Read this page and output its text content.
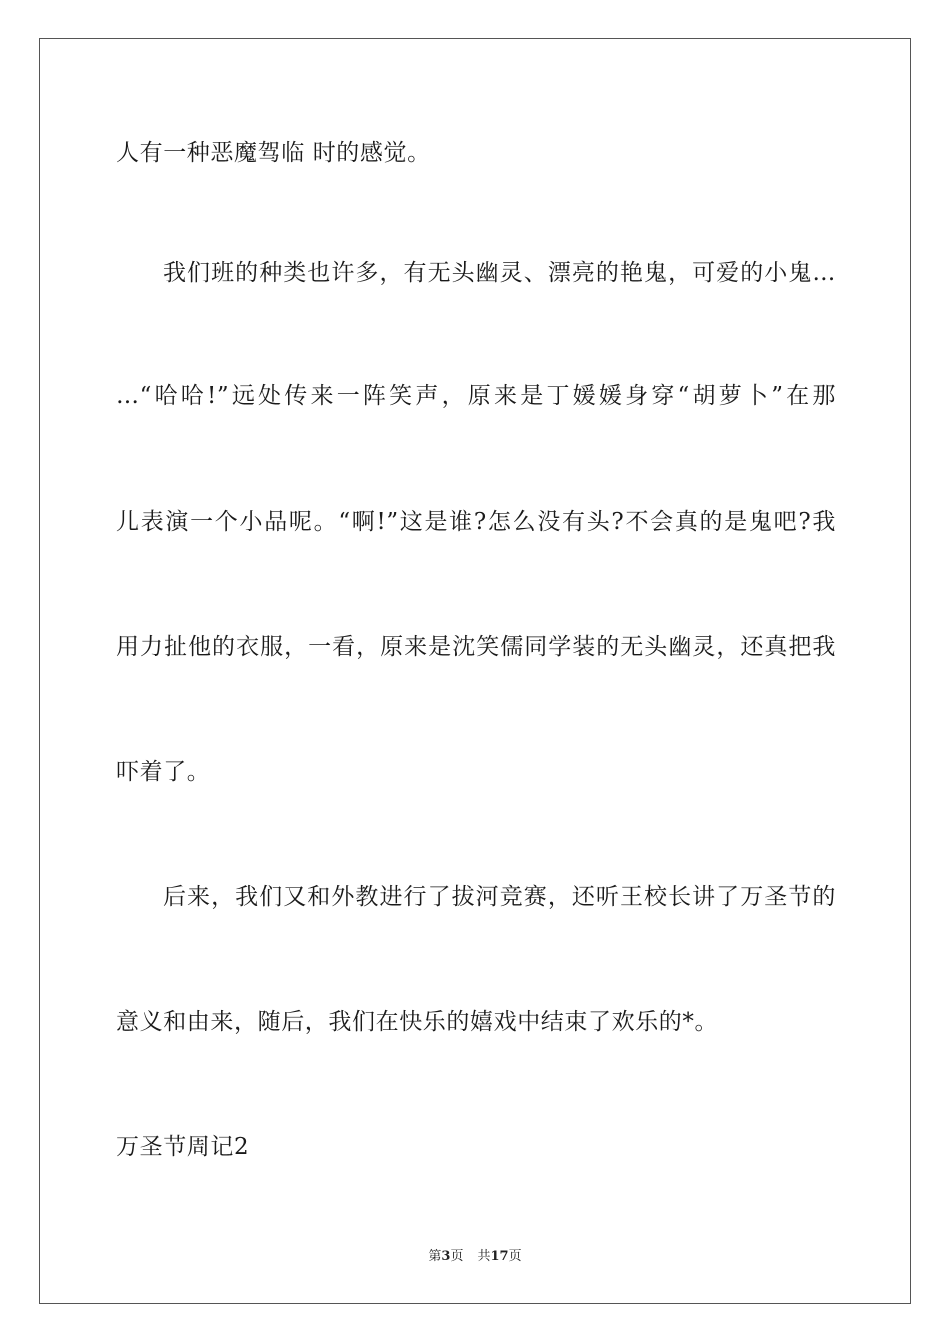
人有一种恶魔驾临 时的感觉。
我们班的种类也许多，有无头幽灵、漂亮的艳鬼，可爱的小鬼…
…“哈哈!”远处传来一阵笑声，原来是丁媛媛身穿“胡萝卜”在那
儿表演一个小品呢。“啊!”这是谁?怎么没有头?不会真的是鬼吧?我
用力扯他的衣服，一看，原来是沈笑儒同学装的无头幽灵，还真把我
吓着了。
后来，我们又和外教进行了拔河竞赛，还听王校长讲了万圣节的
意义和由来，随后，我们在快乐的嬉戏中结束了欢乐的*。
万圣节周记2
第3页 共17页
